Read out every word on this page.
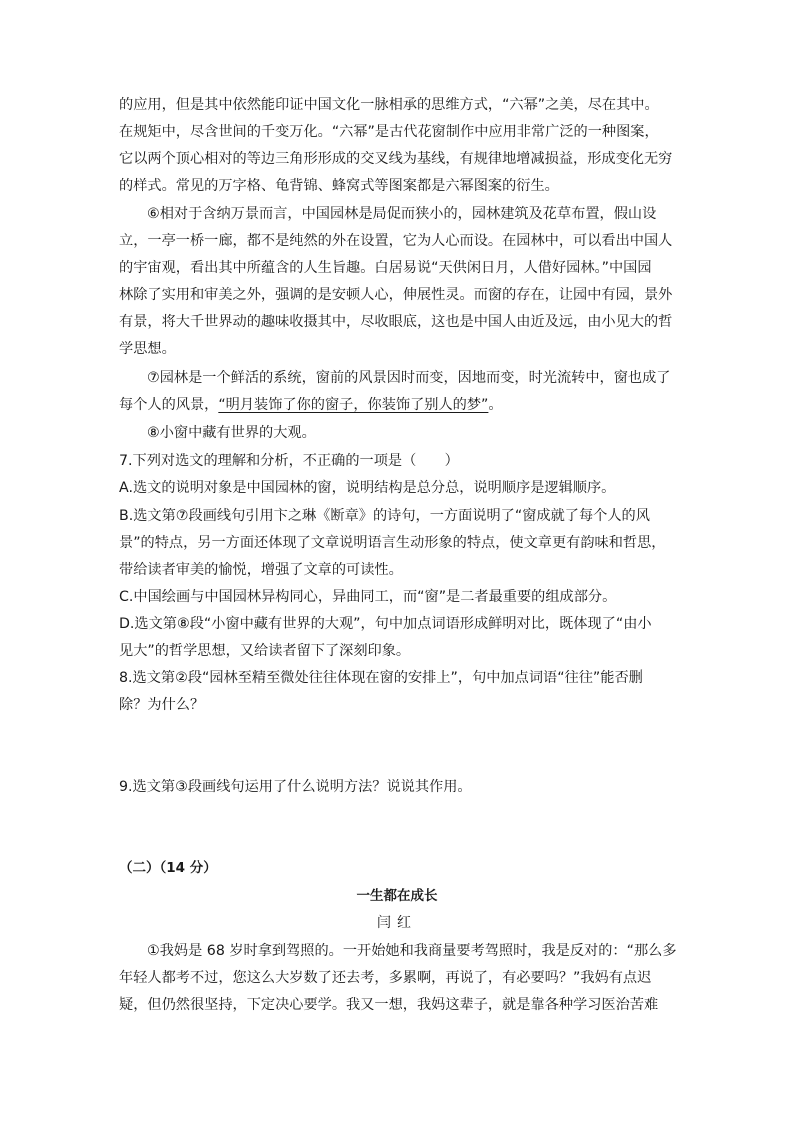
的应用，但是其中依然能印证中国文化一脉相承的思维方式，“六幂”之美，尽在其中。
在规矩中，尽含世间的千变万化。“六幂”是古代花窗制作中应用非常广泛的一种图案，
它以两个顶心相对的等边三角形形成的交叉线为基线，有规律地增减损益，形成变化无穷
的样式。常见的万字格、龟背锦、蜂窝式等图案都是六幂图案的衍生。
⑥相对于含纳万景而言，中国园林是局促而狭小的，园林建筑及花草布置，假山设
立，一亭一桥一廊，都不是纯然的外在设置，它为人心而设。在园林中，可以看出中国人
的宇宙观，看出其中所蕴含的人生旨趣。白居易说“天供闲日月，人借好园林。”中国园
林除了实用和审美之外，强调的是安顿人心，伸展性灵。而窗的存在，让园中有园，景外
有景，将大千世界动的趣味收摄其中，尽收眼底，这也是中国人由近及远，由小见大的哲
学思想。
⑦园林是一个鲜活的系统，窗前的风景因时而变，因地而变，时光流转中，窗也成了
每个人的风景，“明月装饰了你的窗子，你装饰了别人的梦”。
⑧小窗中藏有世界的大观。
7.下列对选文的理解和分析，不正确的一项是（　　）
A.选文的说明对象是中国园林的窗，说明结构是总分总，说明顺序是逻辑顺序。
B.选文第⑦段画线句引用卞之琳《断章》的诗句，一方面说明了“窗成就了每个人的风
景”的特点，另一方面还体现了文章说明语言生动形象的特点，使文章更有韵味和哲思，
带给读者审美的愉悦，增强了文章的可读性。
C.中国绘画与中国园林异构同心，异曲同工，而“窗”是二者最重要的组成部分。
D.选文第⑧段“小窗中藏有世界的大观”，句中加点词语形成鲜明对比，既体现了“由小
见大”的哲学思想，又给读者留下了深刻印象。
8.选文第②段“园林至精至微处往往体现在窗的安排上”，句中加点词语“往往”能否删
除？为什么？
9.选文第③段画线句运用了什么说明方法？说说其作用。
（二）（14 分）
一生都在成长
闫红
①我妈是 68 岁时拿到驾照的。一开始她和我商量要考驾照时，我是反对的：“那么多
年轻人都考不过，您这么大岁数了还去考，多累啊，再说了，有必要吗？”我妈有点迟
疑，但仍然很坚持，下定决心要学。我又一想，我妈这辈子，就是靠各种学习医治苦难
